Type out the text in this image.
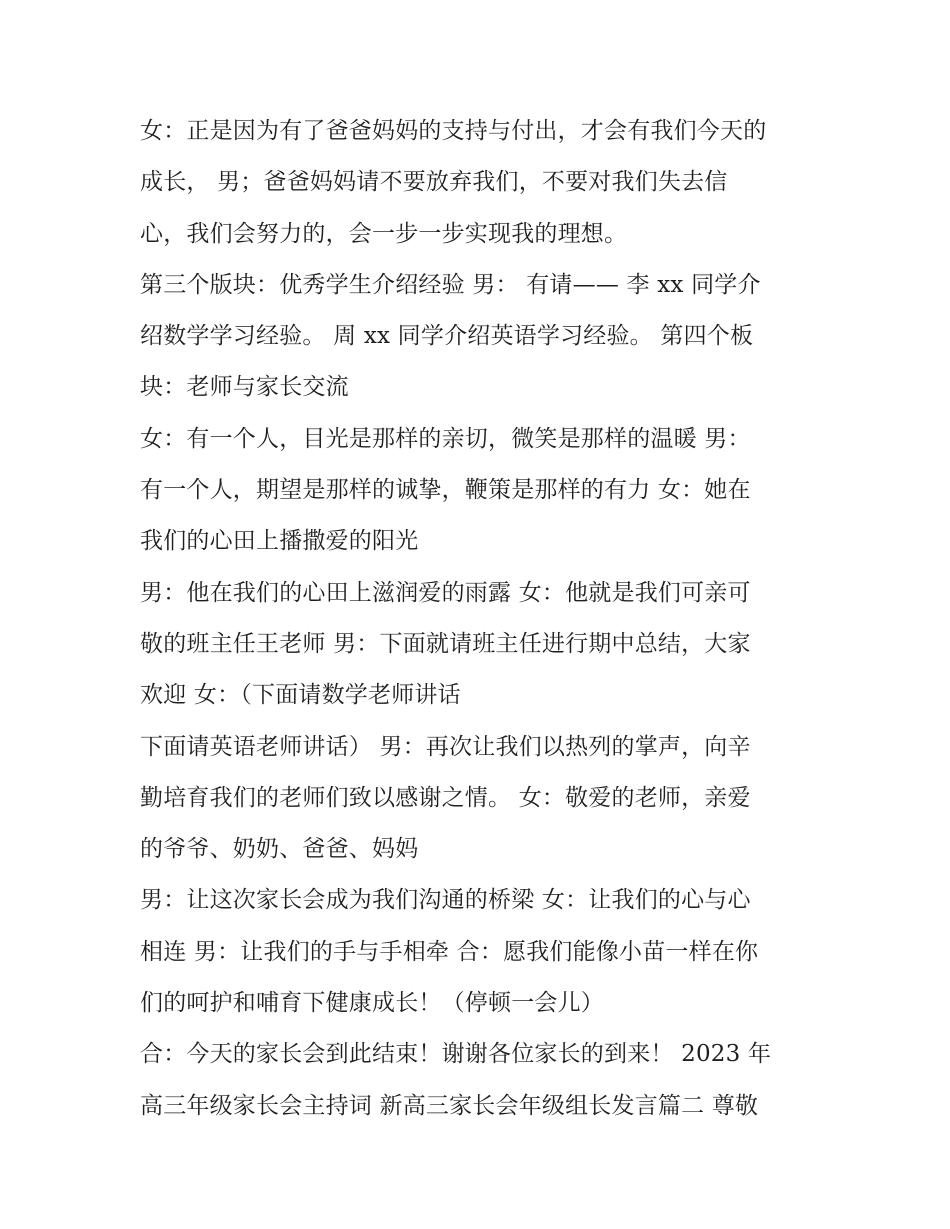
女：正是因为有了爸爸妈妈的支持与付出，才会有我们今天的
成长， 男；爸爸妈妈请不要放弃我们，不要对我们失去信
心，我们会努力的，会一步一步实现我的理想。
第三个版块：优秀学生介绍经验 男： 有请—— 李 xx 同学介
绍数学学习经验。 周 xx 同学介绍英语学习经验。 第四个板
块：老师与家长交流
女：有一个人，目光是那样的亲切，微笑是那样的温暖 男：
有一个人，期望是那样的诚挚，鞭策是那样的有力 女：她在
我们的心田上播撒爱的阳光
男：他在我们的心田上滋润爱的雨露 女：他就是我们可亲可
敬的班主任王老师 男：下面就请班主任进行期中总结，大家
欢迎 女：（下面请数学老师讲话
下面请英语老师讲话） 男：再次让我们以热列的掌声，向辛
勤培育我们的老师们致以感谢之情。 女：敬爱的老师，亲爱
的爷爷、奶奶、爸爸、妈妈
男：让这次家长会成为我们沟通的桥梁 女：让我们的心与心
相连 男：让我们的手与手相牵 合：愿我们能像小苗一样在你
们的呵护和哺育下健康成长！（停顿一会儿）
合：今天的家长会到此结束！谢谢各位家长的到来！ 2023 年
高三年级家长会主持词 新高三家长会年级组长发言篇二 尊敬
